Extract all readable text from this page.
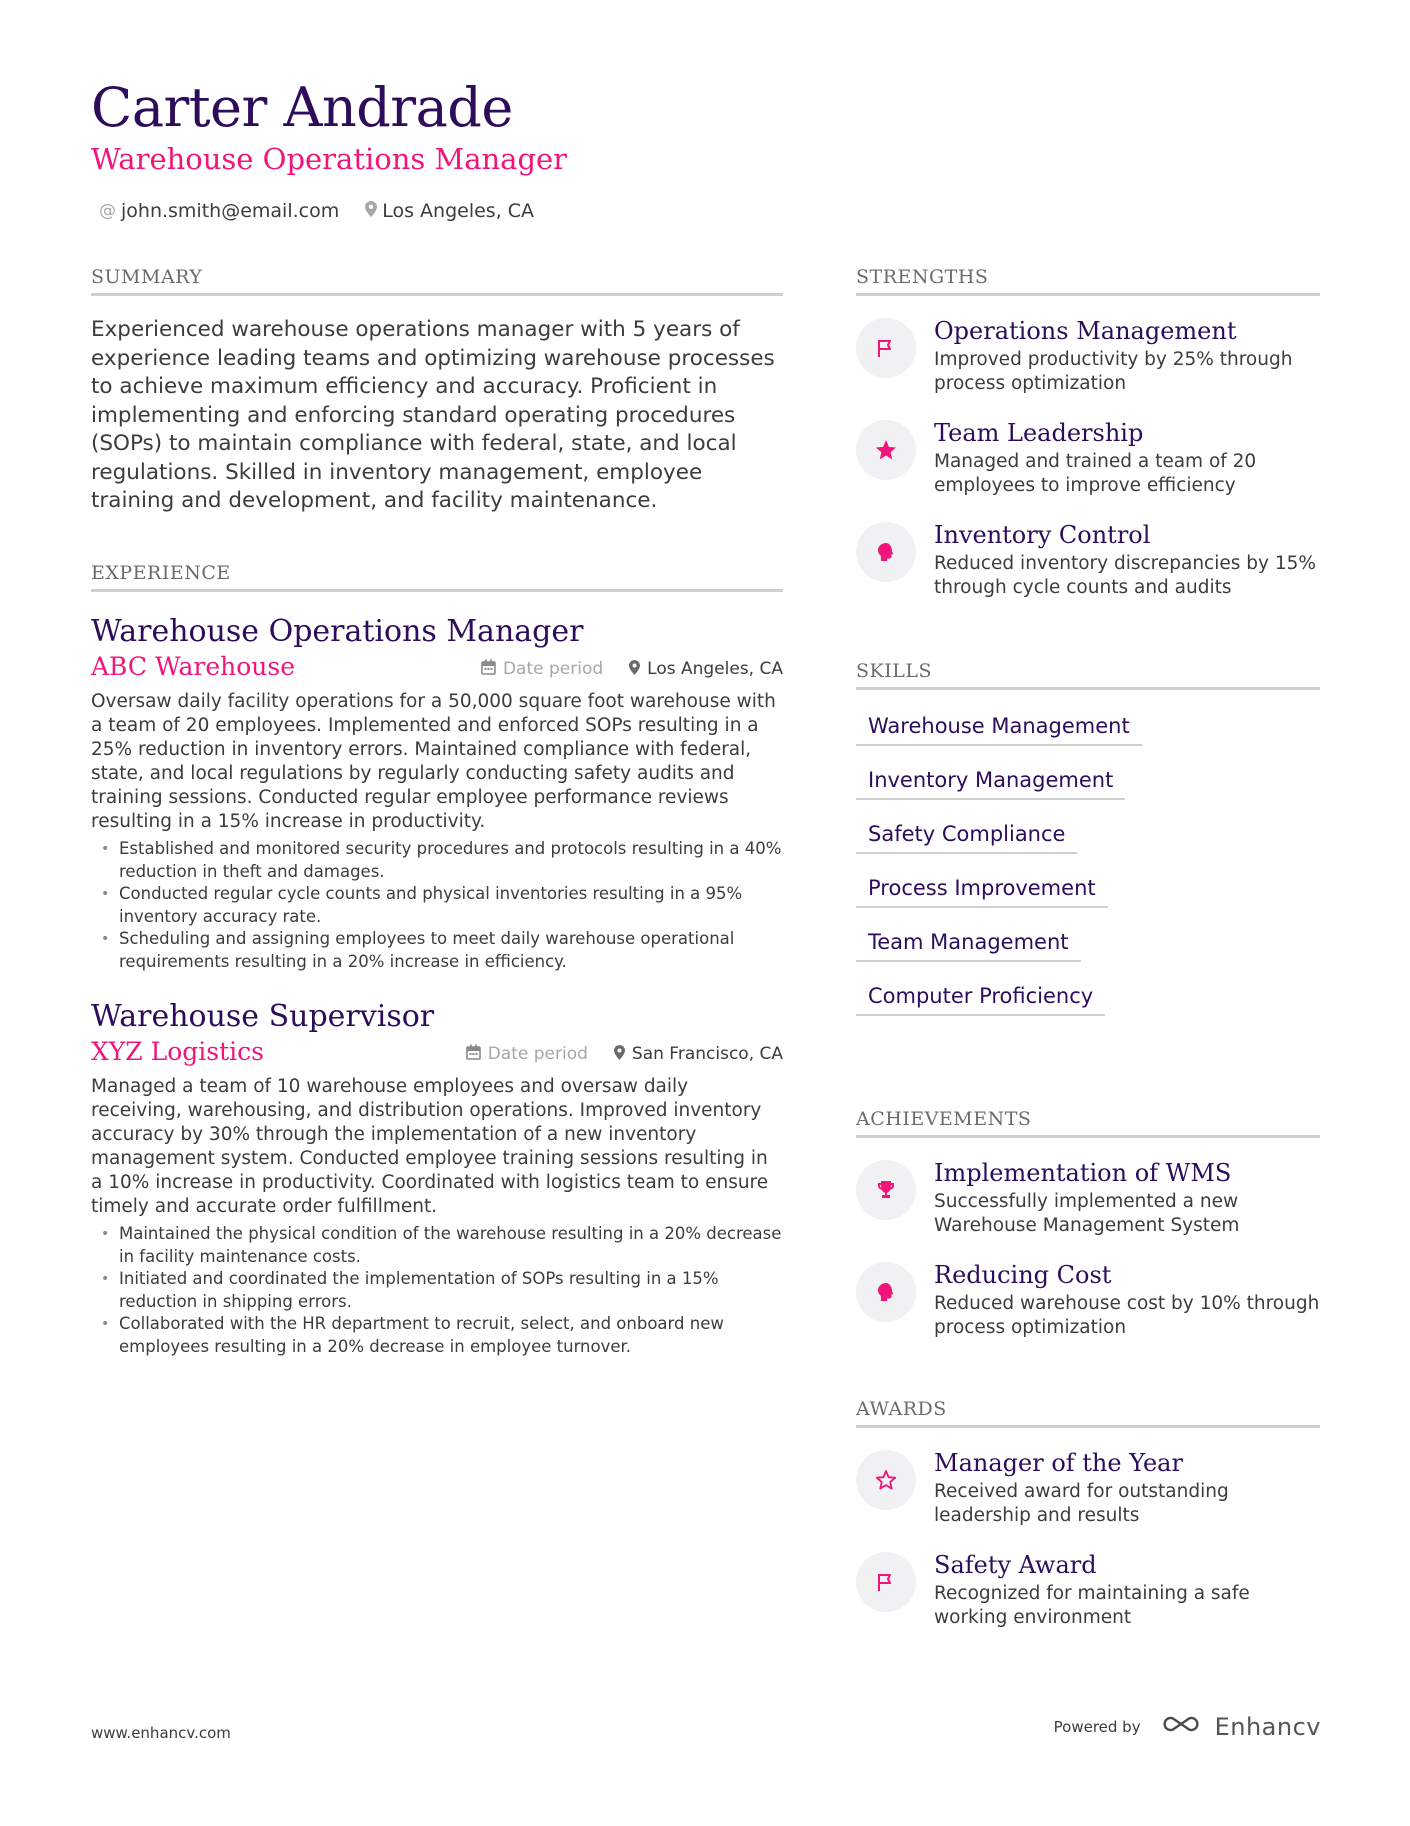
Carter Andrade
Warehouse Operations Manager
@ john.smith@email.com Los Angeles, CA
SUMMARY
Experienced warehouse operations manager with 5 years of experience leading teams and optimizing warehouse processes to achieve maximum efficiency and accuracy. Proficient in implementing and enforcing standard operating procedures (SOPs) to maintain compliance with federal, state, and local regulations. Skilled in inventory management, employee training and development, and facility maintenance.
EXPERIENCE
Warehouse Operations Manager
ABC Warehouse	Date period	Los Angeles, CA
Oversaw daily facility operations for a 50,000 square foot warehouse with a team of 20 employees. Implemented and enforced SOPs resulting in a 25% reduction in inventory errors. Maintained compliance with federal, state, and local regulations by regularly conducting safety audits and training sessions. Conducted regular employee performance reviews resulting in a 15% increase in productivity.
• Established and monitored security procedures and protocols resulting in a 40% reduction in theft and damages.
• Conducted regular cycle counts and physical inventories resulting in a 95% inventory accuracy rate.
• Scheduling and assigning employees to meet daily warehouse operational requirements resulting in a 20% increase in efficiency.
Warehouse Supervisor
XYZ Logistics	Date period	San Francisco, CA
Managed a team of 10 warehouse employees and oversaw daily receiving, warehousing, and distribution operations. Improved inventory accuracy by 30% through the implementation of a new inventory management system. Conducted employee training sessions resulting in a 10% increase in productivity. Coordinated with logistics team to ensure timely and accurate order fulfillment.
• Maintained the physical condition of the warehouse resulting in a 20% decrease in facility maintenance costs.
• Initiated and coordinated the implementation of SOPs resulting in a 15% reduction in shipping errors.
• Collaborated with the HR department to recruit, select, and onboard new employees resulting in a 20% decrease in employee turnover.
STRENGTHS
Operations Management
Improved productivity by 25% through process optimization
Team Leadership
Managed and trained a team of 20 employees to improve efficiency
Inventory Control
Reduced inventory discrepancies by 15% through cycle counts and audits
SKILLS
Warehouse Management
Inventory Management
Safety Compliance
Process Improvement
Team Management
Computer Proficiency
ACHIEVEMENTS
Implementation of WMS
Successfully implemented a new Warehouse Management System
Reducing Cost
Reduced warehouse cost by 10% through process optimization
AWARDS
Manager of the Year
Received award for outstanding leadership and results
Safety Award
Recognized for maintaining a safe working environment
www.enhancv.com	Powered by	Enhancv
